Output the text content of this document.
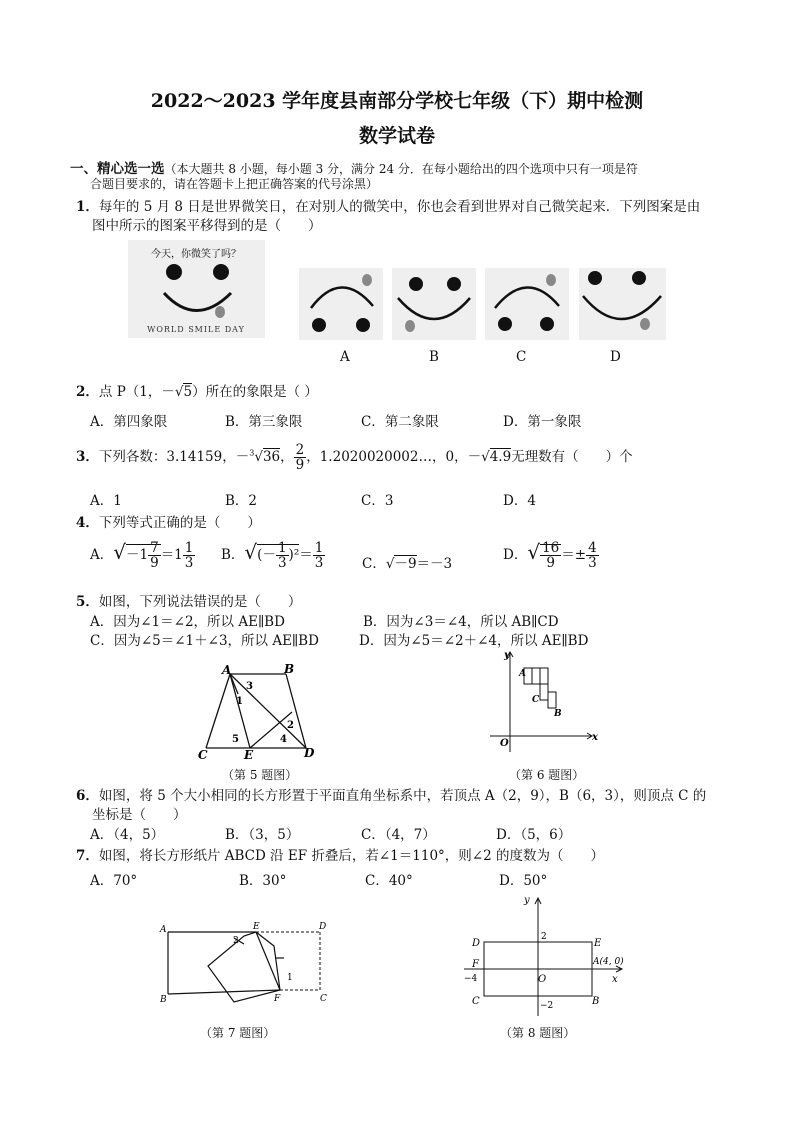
2022～2023 学年度县南部分学校七年级（下）期中检测
数学试卷
一、精心选一选（本大题共 8 小题，每小题 3 分，满分 24 分．在每小题给出的四个选项中只有一项是符
合题目要求的，请在答题卡上把正确答案的代号涂黑）
1．每年的 5 月 8 日是世界微笑日，在对别人的微笑中，你也会看到世界对自己微笑起来．下列图案是由
图中所示的图案平移得到的是（　　）
今天，你微笑了吗？
WORLD SMILE DAY
A	B	C	D
2．点 P（1，－√5）所在的象限是（ ）
A．第四象限	B．第三象限	C．第二象限	D．第一象限
3．下列各数：3.14159，－$^3$√36， $\frac{2}{9}$ ，1.2020020002…，0，－√4.9无理数有（　　）个
A．1	B．2	C．3	D．4
4．下列等式正确的是（　　）
A．$√-1 \frac{7}{9} =1 \frac{1}{3}$ B．√(－ $\frac{1}{3} )^2= \frac{1}{3}$	C．√－9＝－3
D．√ $\frac{16}{9} =\pm \frac{4}{3}$
5．如图，下列说法错误的是（　　）
A．因为∠1＝∠2，所以 AE∥BD	B．因为∠3＝∠4，所以 AB∥CD
C．因为∠5＝∠1＋∠3，所以 AE∥BD	D．因为∠5＝∠2＋∠4，所以 AE∥BD
A	B
C	E	D
1
2
3
4
5
（第 5 题图）
y
x
O
A
C
B
（第 6 题图）
6．如图，将 5 个大小相同的长方形置于平面直角坐标系中，若顶点 A（2，9），B（6，3），则顶点 C 的
坐标是（　　）
A．（4，5）	B．（3，5）	C．（4，7）	D．（5，6）
7．如图，将长方形纸片 ABCD 沿 EF 折叠后，若∠1＝110°，则∠2 的度数为（　　）
A．70°	B．30°	C．40°	D．50°
A	E	D
B	F	C
2
1
（第 7 题图）
y
x
O
D	E
F
C	B
A(4, 0)
2
−4
−2
（第 8 题图）
